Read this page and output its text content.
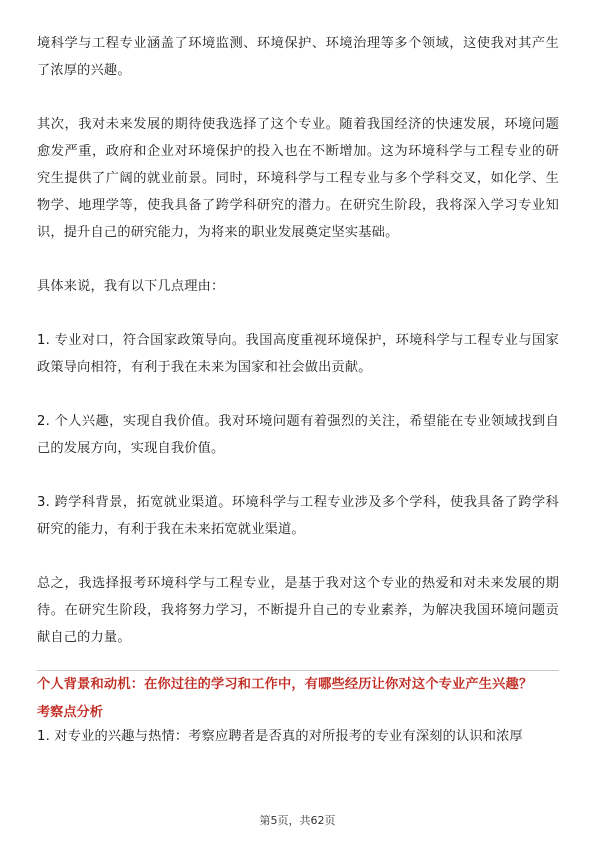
境科学与工程专业涵盖了环境监测、环境保护、环境治理等多个领域，这使我对其产生了浓厚的兴趣。

其次，我对未来发展的期待使我选择了这个专业。随着我国经济的快速发展，环境问题愈发严重，政府和企业对环境保护的投入也在不断增加。这为环境科学与工程专业的研究生提供了广阔的就业前景。同时，环境科学与工程专业与多个学科交叉，如化学、生物学、地理学等，使我具备了跨学科研究的潜力。在研究生阶段，我将深入学习专业知识，提升自己的研究能力，为将来的职业发展奠定坚实基础。

具体来说，我有以下几点理由：

1. 专业对口，符合国家政策导向。我国高度重视环境保护，环境科学与工程专业与国家政策导向相符，有利于我在未来为国家和社会做出贡献。

2. 个人兴趣，实现自我价值。我对环境问题有着强烈的关注，希望能在专业领域找到自己的发展方向，实现自我价值。

3. 跨学科背景，拓宽就业渠道。环境科学与工程专业涉及多个学科，使我具备了跨学科研究的能力，有利于我在未来拓宽就业渠道。

总之，我选择报考环境科学与工程专业，是基于我对这个专业的热爱和对未来发展的期待。在研究生阶段，我将努力学习，不断提升自己的专业素养，为解决我国环境问题贡献自己的力量。

个人背景和动机：在你过往的学习和工作中，有哪些经历让你对这个专业产生兴趣？
考察点分析
1. 对专业的兴趣与热情：考察应聘者是否真的对所报考的专业有深刻的认识和浓厚
第5页，共62页
